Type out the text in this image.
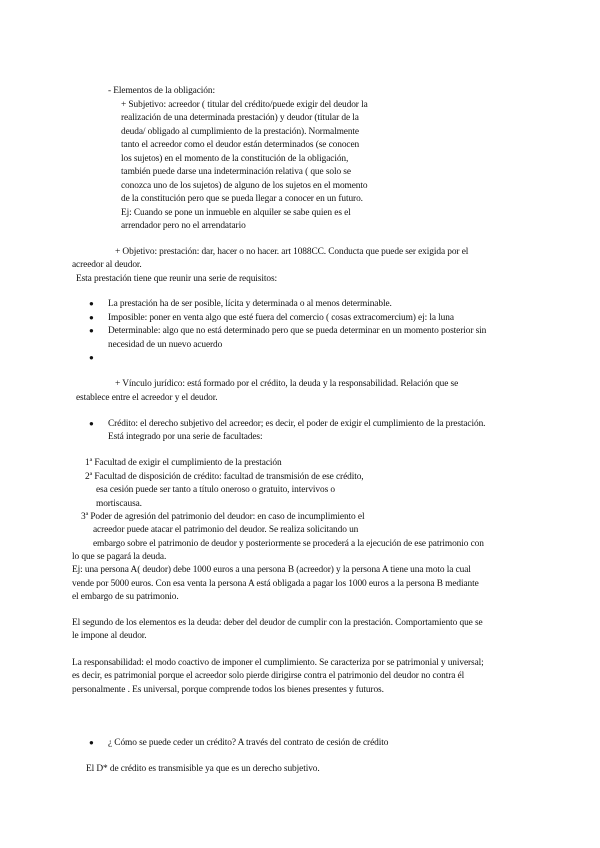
- Elementos de la obligación:
+ Subjetivo: acreedor ( titular del crédito/puede exigir del deudor la
realización de una determinada prestación) y deudor (titular de la
deuda/ obligado al cumplimiento de la prestación). Normalmente
tanto el acreedor como el deudor están determinados (se conocen
los sujetos) en el momento de la constitución de la obligación,
también puede darse una indeterminación relativa ( que solo se
conozca uno de los sujetos) de alguno de los sujetos en el momento
de la constitución pero que se pueda llegar a conocer en un futuro.
Ej: Cuando se pone un inmueble en alquiler se sabe quien es el
arrendador pero no el arrendatario
+ Objetivo: prestación: dar, hacer o no hacer. art 1088CC. Conducta que puede ser exigida por el
acreedor al deudor.
Esta prestación tiene que reunir una serie de requisitos:
● La prestación ha de ser posible, lícita y determinada o al menos determinable.
● Imposible: poner en venta algo que esté fuera del comercio ( cosas extracomercium) ej: la luna
● Determinable: algo que no está determinado pero que se pueda determinar en un momento posterior sin
necesidad de un nuevo acuerdo
●
+ Vínculo jurídico: está formado por el crédito, la deuda y la responsabilidad. Relación que se
establece entre el acreedor y el deudor.
● Crédito: el derecho subjetivo del acreedor; es decir, el poder de exigir el cumplimiento de la prestación.
Está integrado por una serie de facultades:
1ª Facultad de exigir el cumplimiento de la prestación
2ª Facultad de disposición de crédito: facultad de transmisión de ese crédito,
esa cesión puede ser tanto a título oneroso o gratuito, intervivos o
mortiscausa.
3ª Poder de agresión del patrimonio del deudor: en caso de incumplimiento el
acreedor puede atacar el patrimonio del deudor. Se realiza solicitando un
embargo sobre el patrimonio de deudor y posteriormente se procederá a la ejecución de ese patrimonio con
lo que se pagará la deuda.
Ej: una persona A( deudor) debe 1000 euros a una persona B (acreedor) y la persona A tiene una moto la cual
vende por 5000 euros. Con esa venta la persona A está obligada a pagar los 1000 euros a la persona B mediante
el embargo de su patrimonio.
El segundo de los elementos es la deuda: deber del deudor de cumplir con la prestación. Comportamiento que se
le impone al deudor.
La responsabilidad: el modo coactivo de imponer el cumplimiento. Se caracteriza por se patrimonial y universal;
es decir, es patrimonial porque el acreedor solo pierde dirigirse contra el patrimonio del deudor no contra él
personalmente . Es universal, porque comprende todos los bienes presentes y futuros.
● ¿ Cómo se puede ceder un crédito? A través del contrato de cesión de crédito
El D* de crédito es transmisible ya que es un derecho subjetivo.
